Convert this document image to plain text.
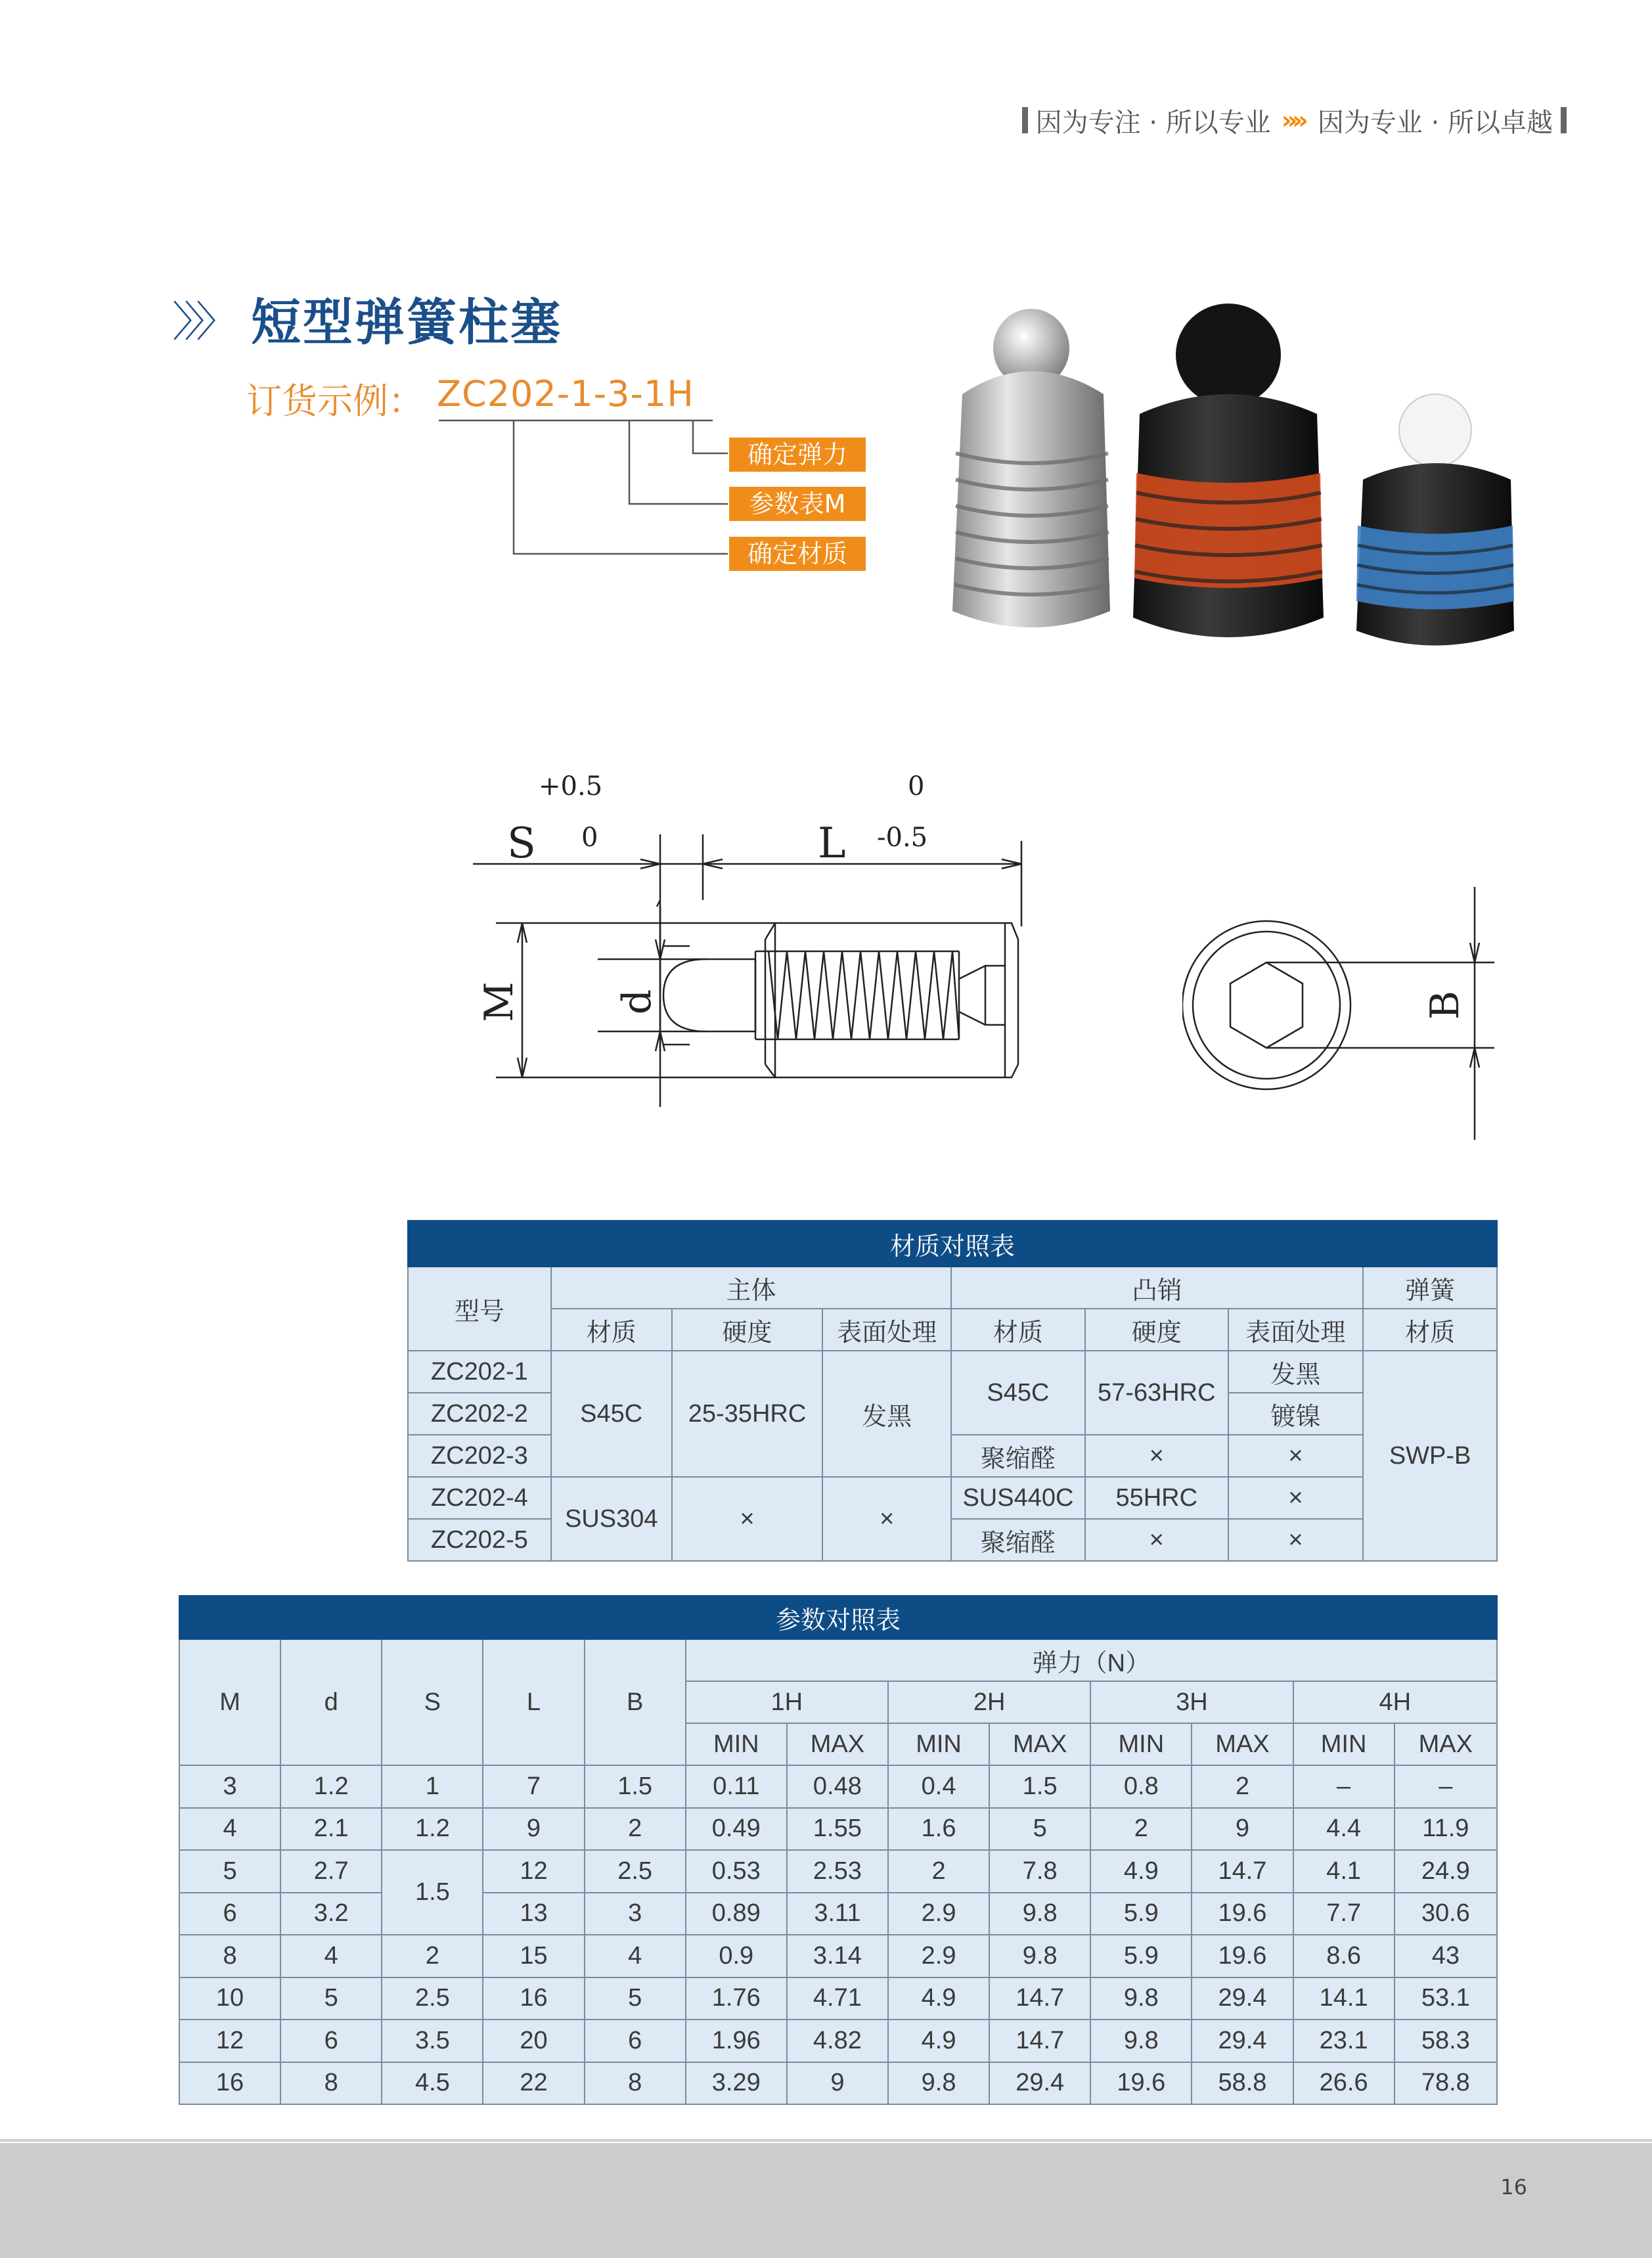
因为专注 · 所以专业 »» 因为专业 · 所以卓越
〉〉〉 短型弹簧柱塞
订货示例： ZC202-1-3-1H
确定弹力
参数表M
确定材质
S
+0.5
0	L
0
-0.5
M d	B
材质对照表							
型号	主体			凸销			弹簧
	材质	硬度	表面处理	材质	硬度	表面处理	材质
ZC202-1	S45C	25-35HRC	发黑	S45C	57-63HRC	发黑	SWP-B
ZC202-2						镀镍	
ZC202-3				聚缩醛	×	×	
ZC202-4	SUS304	×	×	SUS440C	55HRC	×	
ZC202-5				聚缩醛	×	×	
参数对照表												
M	d	S	L	B	弹力（N）							
					1H		2H		3H		4H	
					MIN	MAX	MIN	MAX	MIN	MAX	MIN	MAX
3	1.2	1	7	1.5	0.11	0.48	0.4	1.5	0.8	2	–	–
4	2.1	1.2	9	2	0.49	1.55	1.6	5	2	9	4.4	11.9
5	2.7	1.5	12	2.5	0.53	2.53	2	7.8	4.9	14.7	4.1	24.9
6	3.2		13	3	0.89	3.11	2.9	9.8	5.9	19.6	7.7	30.6
8	4	2	15	4	0.9	3.14	2.9	9.8	5.9	19.6	8.6	43
10	5	2.5	16	5	1.76	4.71	4.9	14.7	9.8	29.4	14.1	53.1
12	6	3.5	20	6	1.96	4.82	4.9	14.7	9.8	29.4	23.1	58.3
16	8	4.5	22	8	3.29	9	9.8	29.4	19.6	58.8	26.6	78.8
16
